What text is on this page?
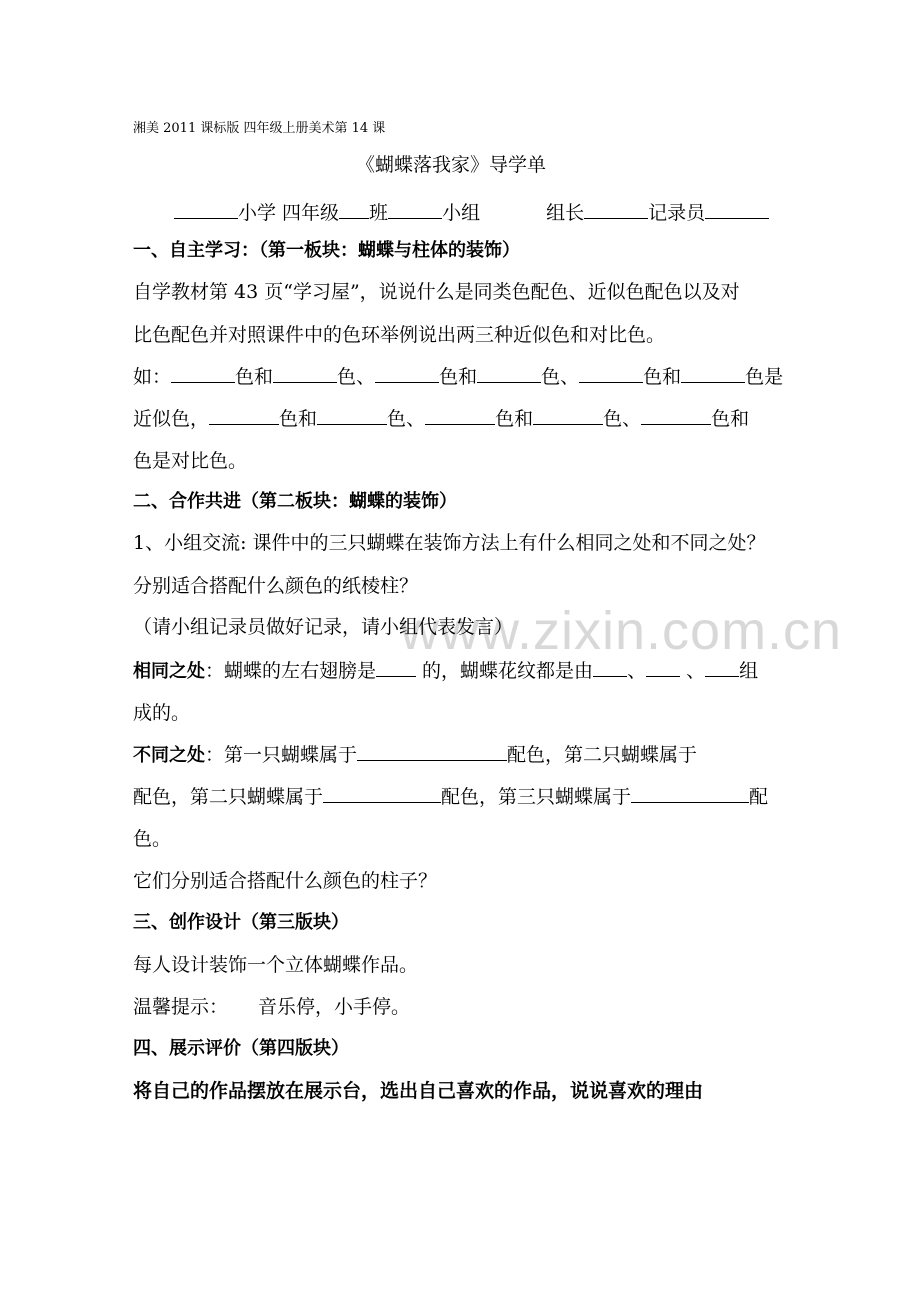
www.zixin.com.cn
湘美 2011 课标版 四年级上册美术第 14 课
《蝴蝶落我家》导学单
小学 四年级 班	小组	组长	记录员
一、自主学习：（第一板块：蝴蝶与柱体的装饰）
自学教材第 43 页“学习屋”，说说什么是同类色配色、近似色配色以及对
比色配色并对照课件中的色环举例说出两三种近似色和对比色。
如：	色和	色、	色和	色、	色和	色是
近似色，	色和	色、	色和	色、	色和
色是对比色。
二、合作共进（第二板块：蝴蝶的装饰）
1、小组交流: 课件中的三只蝴蝶在装饰方法上有什么相同之处和不同之处？
分别适合搭配什么颜色的纸棱柱？
（请小组记录员做好记录，请小组代表发言）
相同之处：蝴蝶的左右翅膀是 的，蝴蝶花纹都是由 、 、 组
成的。
不同之处：第一只蝴蝶属于	配色，第二只蝴蝶属于
配色，第二只蝴蝶属于	配色，第三只蝴蝶属于	配
色。
它们分别适合搭配什么颜色的柱子？
三、创作设计（第三版块）
每人设计装饰一个立体蝴蝶作品。
温馨提示： 音乐停，小手停。
四、展示评价（第四版块）
将自己的作品摆放在展示台，选出自己喜欢的作品，说说喜欢的理由
